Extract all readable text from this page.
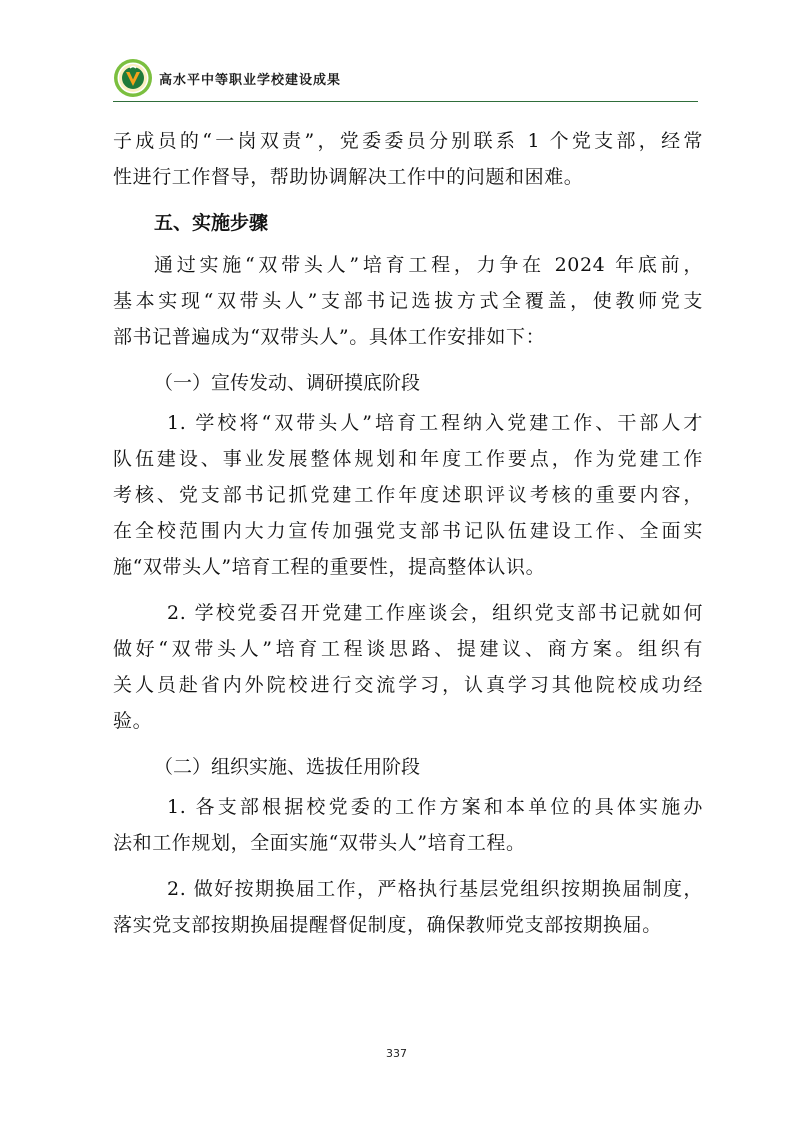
高水平中等职业学校建设成果
子成员的“一岗双责”，党委委员分别联系 1 个党支部，经常
性进行工作督导，帮助协调解决工作中的问题和困难。
五、实施步骤
通过实施“双带头人”培育工程，力争在 2024 年底前，
基本实现“双带头人”支部书记选拔方式全覆盖，使教师党支
部书记普遍成为“双带头人”。具体工作安排如下：
（一）宣传发动、调研摸底阶段
1. 学校将“双带头人”培育工程纳入党建工作、干部人才
队伍建设、事业发展整体规划和年度工作要点，作为党建工作
考核、党支部书记抓党建工作年度述职评议考核的重要内容，
在全校范围内大力宣传加强党支部书记队伍建设工作、全面实
施“双带头人”培育工程的重要性，提高整体认识。
2. 学校党委召开党建工作座谈会，组织党支部书记就如何
做好“双带头人”培育工程谈思路、提建议、商方案。组织有
关人员赴省内外院校进行交流学习，认真学习其他院校成功经
验。
（二）组织实施、选拔任用阶段
1. 各支部根据校党委的工作方案和本单位的具体实施办
法和工作规划，全面实施“双带头人”培育工程。
2. 做好按期换届工作，严格执行基层党组织按期换届制度，
落实党支部按期换届提醒督促制度，确保教师党支部按期换届。
337
